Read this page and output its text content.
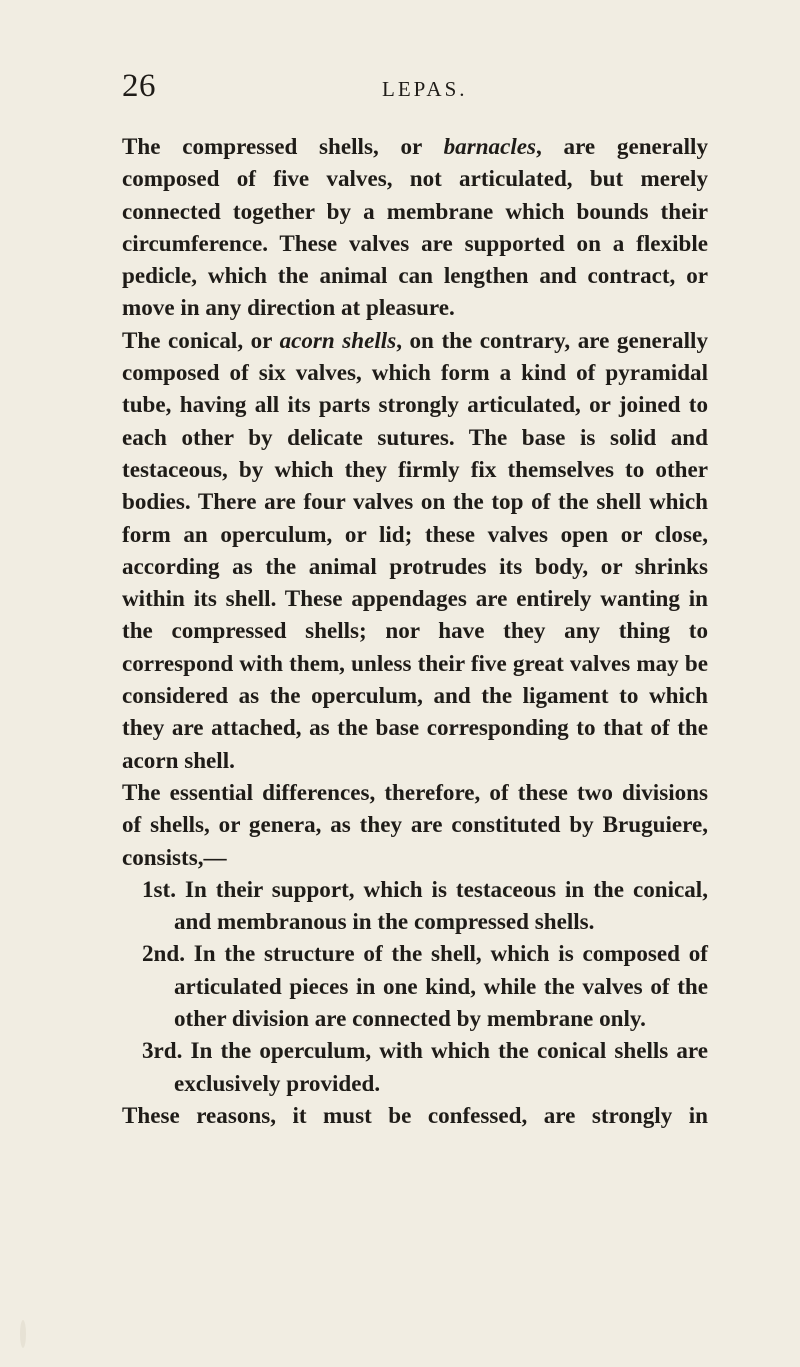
26	LEPAS.

The compressed shells, or barnacles, are generally composed of five valves, not articulated, but merely connected together by a membrane which bounds their circumference. These valves are supported on a flexible pedicle, which the animal can lengthen and contract, or move in any direction at pleasure.

The conical, or acorn shells, on the contrary, are generally composed of six valves, which form a kind of pyramidal tube, having all its parts strongly articulated, or joined to each other by delicate sutures. The base is solid and testaceous, by which they firmly fix themselves to other bodies. There are four valves on the top of the shell which form an operculum, or lid; these valves open or close, according as the animal protrudes its body, or shrinks within its shell. These appendages are entirely wanting in the compressed shells; nor have they any thing to correspond with them, unless their five great valves may be considered as the operculum, and the ligament to which they are attached, as the base corresponding to that of the acorn shell.

The essential differences, therefore, of these two divisions of shells, or genera, as they are constituted by Bruguiere, consists,—

1st. In their support, which is testaceous in the conical, and membranous in the compressed shells.

2nd. In the structure of the shell, which is composed of articulated pieces in one kind, while the valves of the other division are connected by membrane only.

3rd. In the operculum, with which the conical shells are exclusively provided.

These reasons, it must be confessed, are strongly in
